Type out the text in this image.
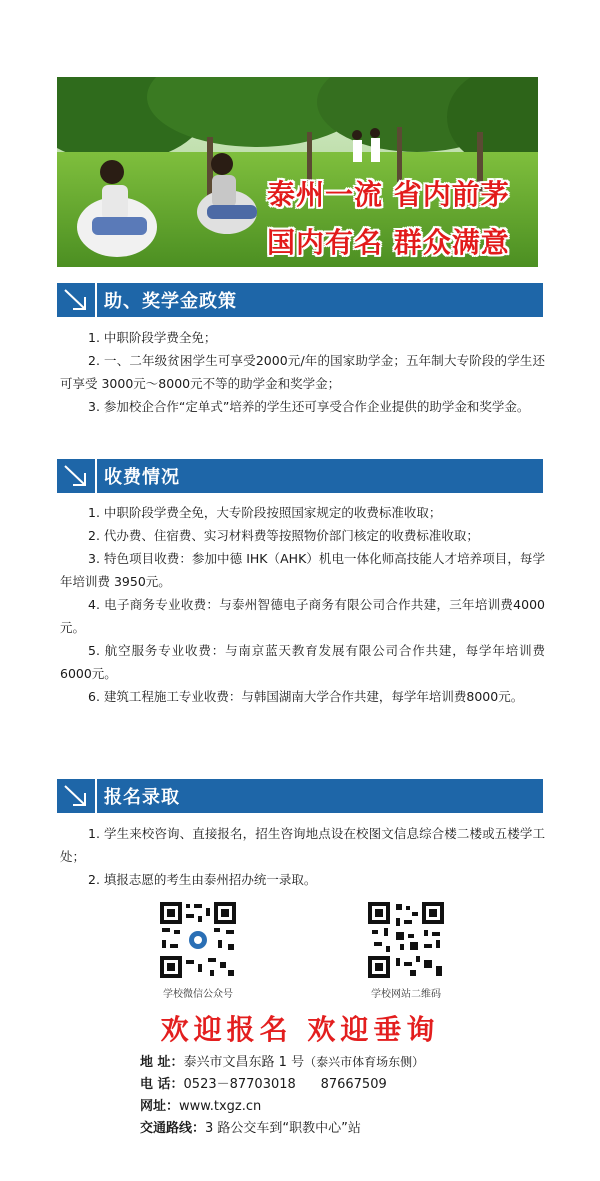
泰州一流 省内前茅
国内有名 群众满意
助、奖学金政策

1. 中职阶段学费全免；

2. 一、二年级贫困学生可享受2000元/年的国家助学金；五年制大专阶段的学生还可享受 3000元～8000元不等的助学金和奖学金；

3. 参加校企合作“定单式”培养的学生还可享受合作企业提供的助学金和奖学金。

收费情况

1. 中职阶段学费全免，大专阶段按照国家规定的收费标准收取；

2. 代办费、住宿费、实习材料费等按照物价部门核定的收费标准收取；

3. 特色项目收费：参加中德 IHK（AHK）机电一体化师高技能人才培养项目，每学年培训费 3950元。

4. 电子商务专业收费：与泰州智德电子商务有限公司合作共建，三年培训费4000元。

5. 航空服务专业收费：与南京蓝天教育发展有限公司合作共建，每学年培训费6000元。

6. 建筑工程施工专业收费：与韩国湖南大学合作共建，每学年培训费8000元。

报名录取

1. 学生来校咨询、直接报名，招生咨询地点设在校图文信息综合楼二楼或五楼学工处；

2. 填报志愿的考生由泰州招办统一录取。

学校微信公众号	学校网站二维码
欢迎报名 欢迎垂询
地 址：泰兴市文昌东路 1 号（泰兴市体育场东侧）
电 话：0523－87703018      87667509
网址：www.txgz.cn
交通路线：3 路公交车到“职教中心”站
